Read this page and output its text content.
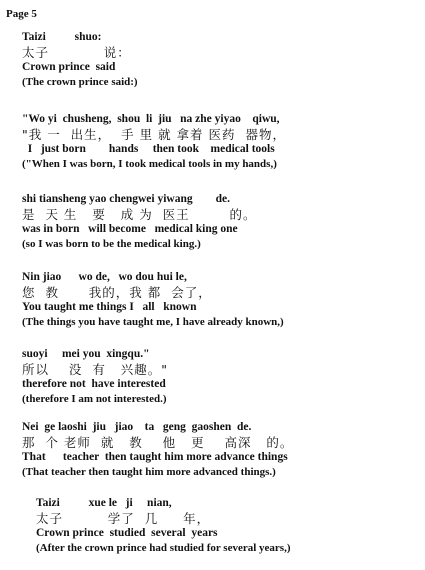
Page 5
Taizi          shuo:
太子           说：
Crown prince  said
(The crown prince said:)
"Wo yi  chusheng,  shou  li  jiu   na zhe yiyao    qiwu,
"我 一  出生，  手 里 就 拿着 医药  器物，
I   just born        hands     then took    medical tools
("When I was born, I took medical tools in my hands,)
shi tiansheng yao chengwei yiwang        de.
是  天 生   要   成 为  医王        的。
was in born   will become   medical king one
(so I was born to be the medical king.)
Nin jiao      wo de,   wo dou hui le,
您  教      我的，我 都  会了，
You taught me things I   all   known
(The things you have taught me, I have already known,)
suoyi     mei you  xingqu."
所以    没  有   兴趣。"
therefore not  have interested
(therefore I am not interested.)
Nei  ge laoshi  jiu   jiao    ta   geng  gaoshen  de.
那  个 老师  就   教    他   更    高深   的。
That      teacher  then taught him more advance things
(That teacher then taught him more advanced things.)
Taizi          xue le   ji     nian,
太子         学了  几     年，
Crown prince  studied  several  years
(After the crown prince had studied for several years,)
